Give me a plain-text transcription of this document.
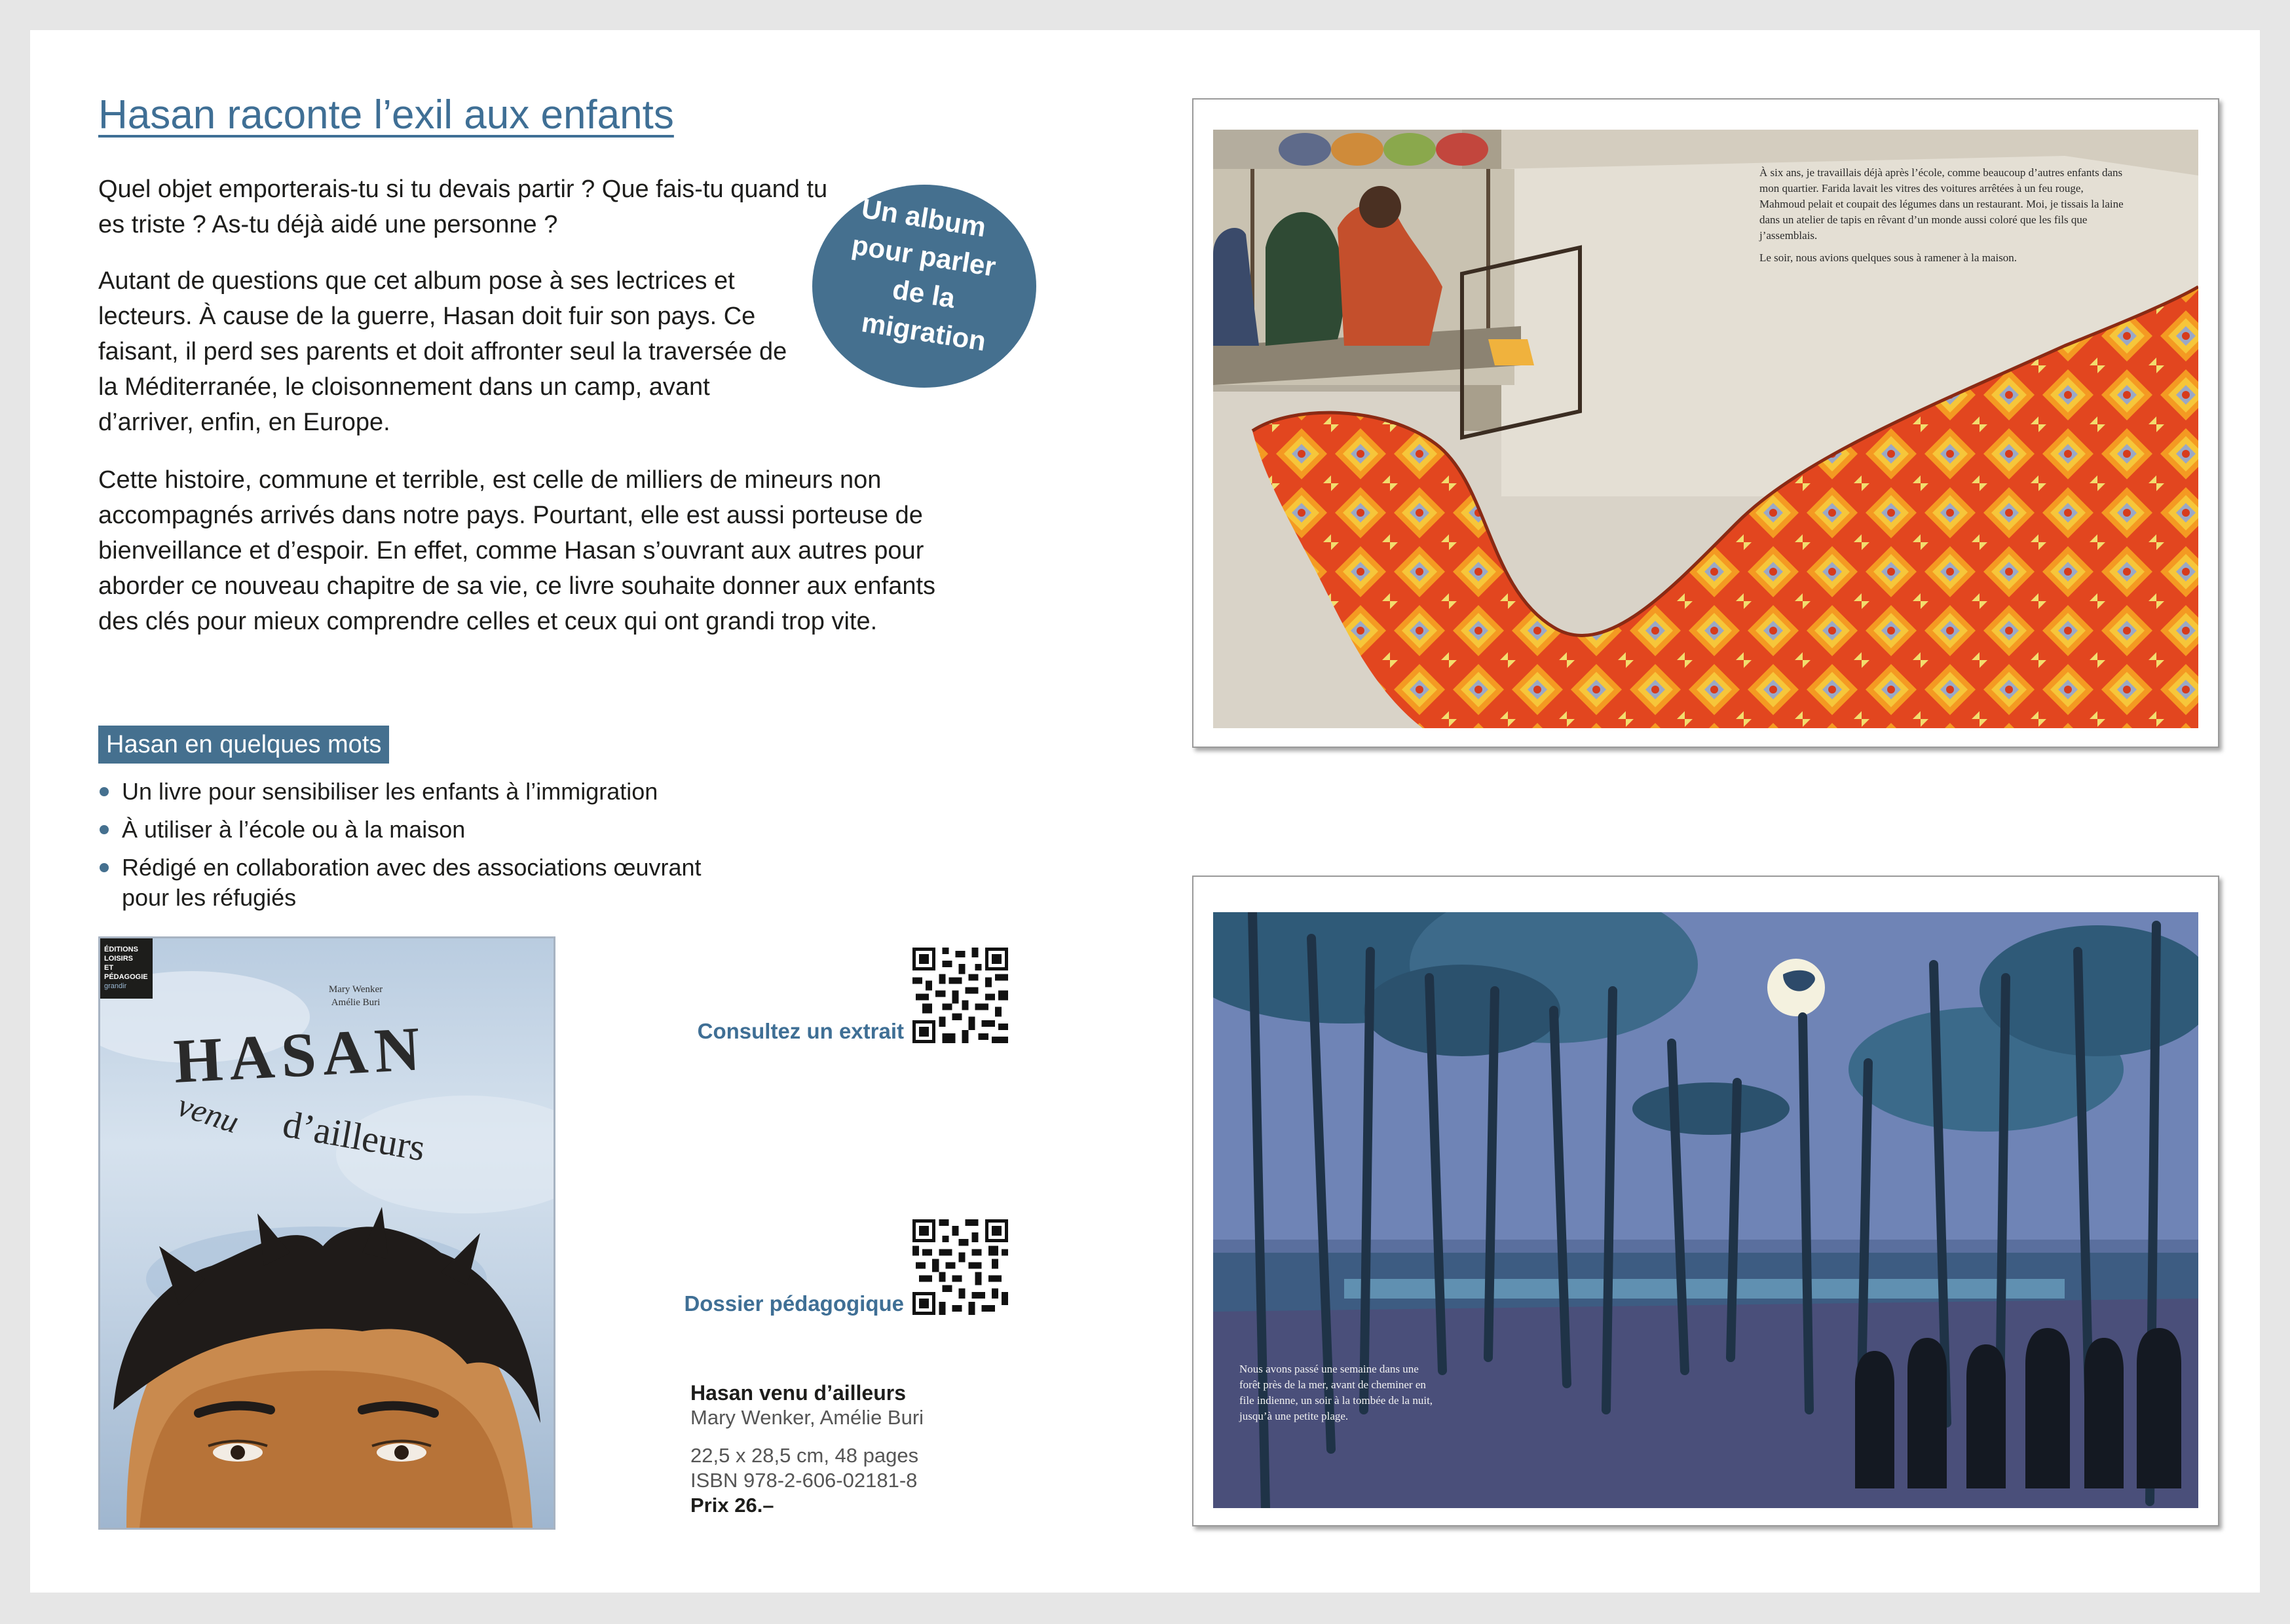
Hasan raconte l’exil aux enfants

Quel objet emporterais-tu si tu devais partir ? Que fais-tu quand tu es triste ? As-tu déjà aidé une personne ?

Autant de questions que cet album pose à ses lectrices et lecteurs. À cause de la guerre, Hasan doit fuir son pays. Ce faisant, il perd ses parents et doit affronter seul la traversée de la Méditerranée, le cloisonnement dans un camp, avant d’arriver, enfin, en Europe.

Cette histoire, commune et terrible, est celle de milliers de mineurs non accompagnés arrivés dans notre pays. Pourtant, elle est aussi porteuse de bienveillance et d’espoir. En effet, comme Hasan s’ouvrant aux autres pour aborder ce nouveau chapitre de sa vie, ce livre souhaite donner aux enfants des clés pour mieux comprendre celles et ceux qui ont grandi trop vite.

Un album
pour parler
de la
migration
Hasan en quelques mots
Un livre pour sensibiliser les enfants à l’immigration
À utiliser à l’école ou à la maison
Rédigé en collaboration avec des associations œuvrant pour les réfugiés
ÉDITIONS
LOISIRS
ET PÉDAGOGIE
grandir	Mary Wenker
Amélie Buri
HASAN
venu d’ailleurs
Consultez un extrait
Dossier pédagogique
Hasan venu d’ailleurs
Mary Wenker, Amélie Buri
22,5 x 28,5 cm, 48 pages
ISBN 978-2-606-02181-8
Prix 26.–

À six ans, je travaillais déjà après l’école, comme beaucoup d’autres enfants dans mon quartier. Farida lavait les vitres des voitures arrêtées à un feu rouge, Mahmoud pelait et coupait des légumes dans un restaurant. Moi, je tissais la laine dans un atelier de tapis en rêvant d’un monde aussi coloré que les fils que j’assemblais.

Le soir, nous avions quelques sous à ramener à la maison.

Nous avons passé une semaine dans une forêt près de la mer, avant de cheminer en file indienne, un soir à la tombée de la nuit, jusqu’à une petite plage.
